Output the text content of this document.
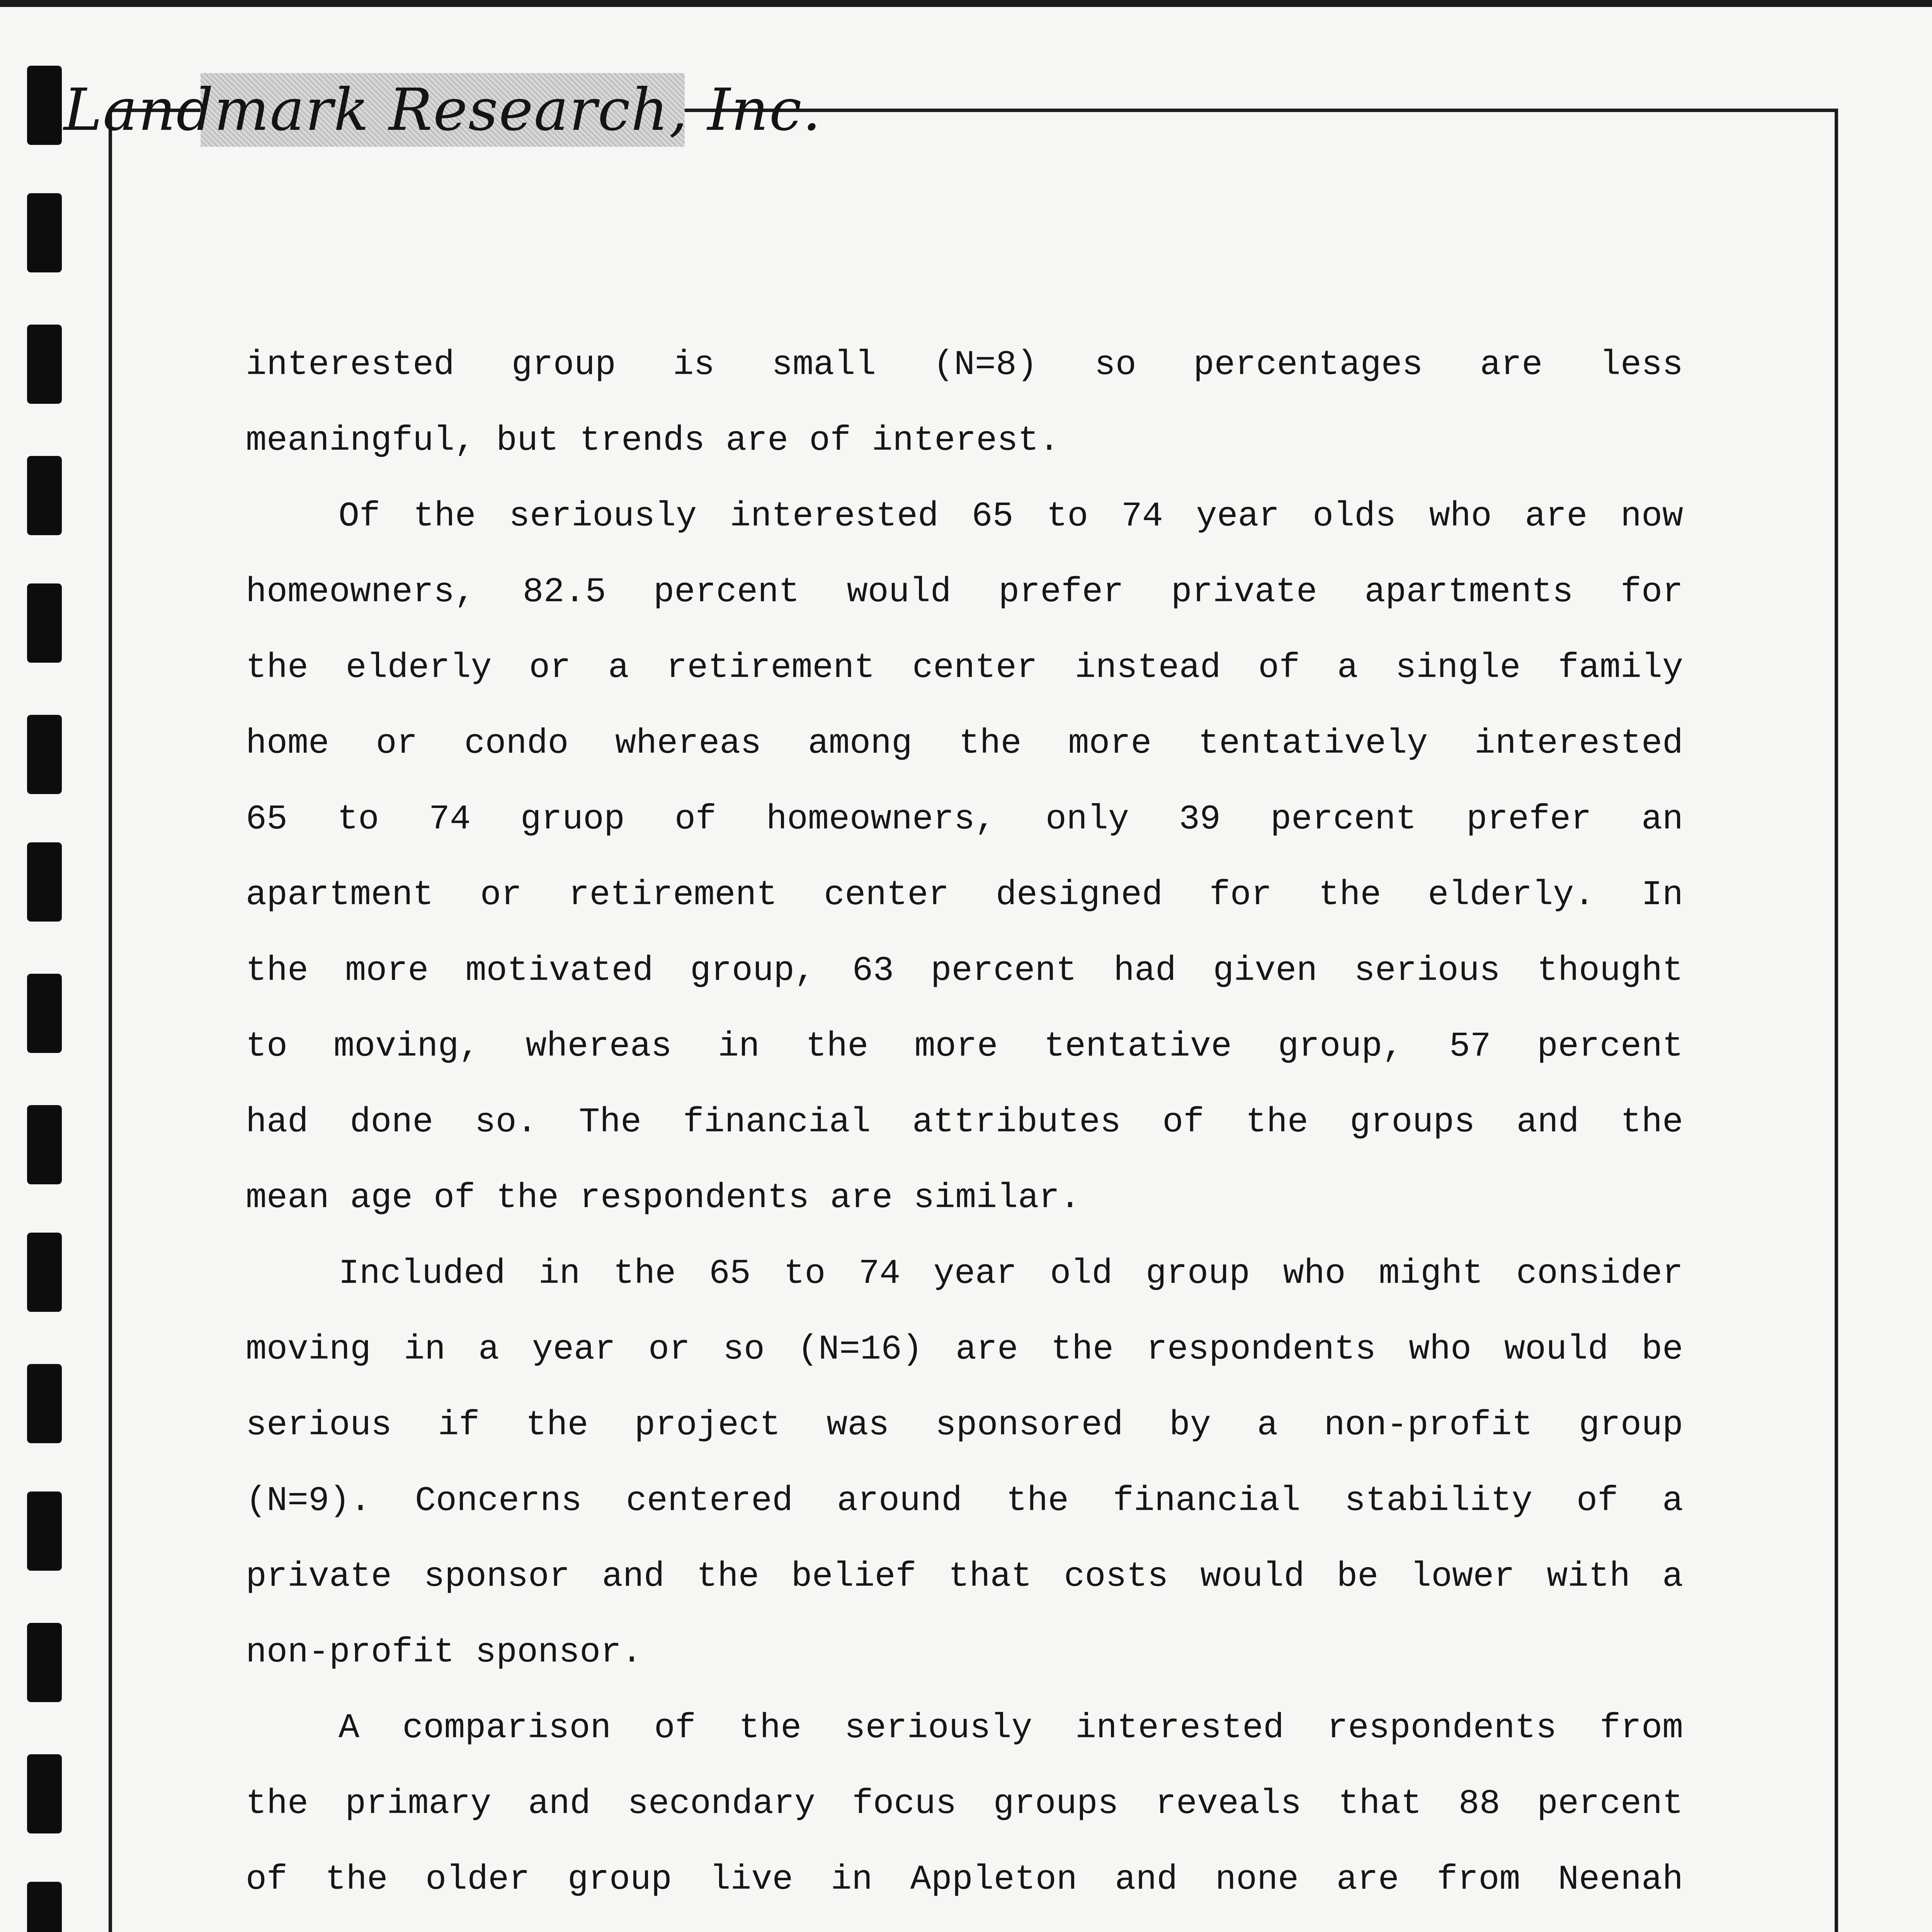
Landmark Research, Inc.
interested group is small (N=8) so percentages are less
meaningful, but trends are of interest.
Of the seriously interested 65 to 74 year olds who are now
homeowners, 82.5 percent would prefer private apartments for
the elderly or a retirement center instead of a single family
home or condo whereas among the more tentatively interested
65 to 74 gruop of homeowners, only 39 percent prefer an
apartment or retirement center designed for the elderly. In
the more motivated group, 63 percent had given serious thought
to moving, whereas in the more tentative group, 57 percent
had done so. The financial attributes of the groups and the
mean age of the respondents are similar.
Included in the 65 to 74 year old group who might consider
moving in a year or so (N=16) are the respondents who would be
serious if the project was sponsored by a non-profit group
(N=9). Concerns centered around the financial stability of a
private sponsor and the belief that costs would be lower with a
non-profit sponsor.
A comparison of the seriously interested respondents from
the primary and secondary focus groups reveals that 88 percent
of the older group live in Appleton and none are from Neenah
